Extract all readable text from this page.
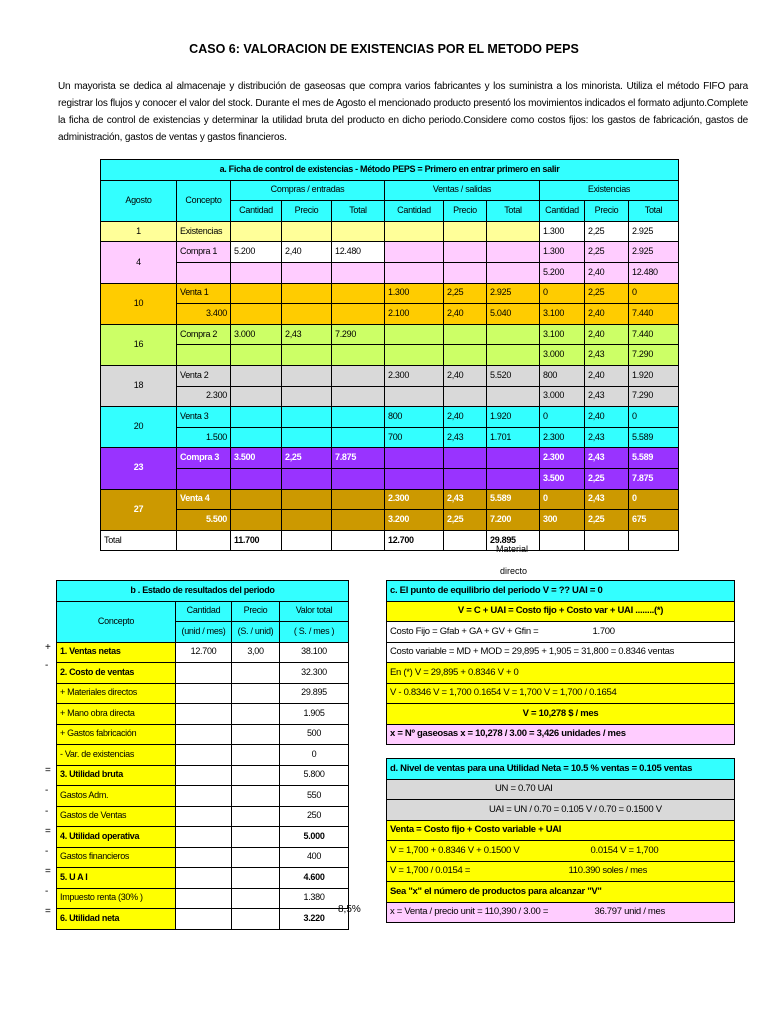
CASO 6: VALORACION DE EXISTENCIAS POR EL METODO PEPS
Un mayorista se dedica al almacenaje y distribución de gaseosas que compra varios fabricantes y los suministra a los minorista. Utiliza el método FIFO para registrar los flujos y conocer el valor del stock. Durante el mes de Agosto el mencionado producto presentó los movimientos indicados el formato adjunto.Complete la ficha de control de existencias y determinar la utilidad bruta del producto en dicho periodo.Considere como costos fijos: los gastos de fabricación, gastos de administración, gastos de ventas y gastos financieros.
a. Ficha de control de existencias - Método PEPS = Primero en entrar primero en salir										
Agosto	Concepto	Compras / entradas			Ventas / salidas			Existencias		
		Cantidad	Precio	Total	Cantidad	Precio	Total	Cantidad	Precio	Total
1	Existencias							1.300	2,25	2.925
4	Compra 1	5.200	2,40	12.480				1.300	2,25	2.925
								5.200	2,40	12.480
10	Venta 1				1.300	2,25	2.925	0	2,25	0
	3.400				2.100	2,40	5.040	3.100	2,40	7.440
16	Compra 2	3.000	2,43	7.290				3.100	2,40	7.440
								3.000	2,43	7.290
18	Venta 2				2.300	2,40	5.520	800	2,40	1.920
	2.300							3.000	2,43	7.290
20	Venta 3				800	2,40	1.920	0	2,40	0
	1.500				700	2,43	1.701	2.300	2,43	5.589
23	Compra 3	3.500	2,25	7.875				2.300	2,43	5.589
								3.500	2,25	7.875
27	Venta 4				2.300	2,43	5.589	0	2,43	0
	5.500				3.200	2,25	7.200	300	2,25	675
Total		11.700			12.700		29.895			
Material
directo
b . Estado de resultados del periodo			
Concepto	Cantidad	Precio	Valor total
	(unid / mes)	(S. / unid)	( S. / mes )
1. Ventas netas	12.700	3,00	38.100
2. Costo de ventas			32.300
+ Materiales directos			29.895
+ Mano obra directa			1.905
+ Gastos fabricación			500
- Var. de existencias			0
3. Utilidad bruta			5.800
Gastos Adm.			550
Gastos de Ventas			250
4. Utilidad operativa			5.000
Gastos financieros			400
5. U A I			4.600
Impuesto renta (30% )			1.380
6. Utilidad neta			3.220
8,5%
+
-
=
-
-
=
-
=
-
=
c. El punto de equilibrio del periodo V = ?? UAI = 0
V = C + UAI = Costo fijo + Costo var + UAI ........(*)
Costo Fijo = Gfab + GA + GV + Gfin =	1.700
Costo variable = MD + MOD = 29,895 + 1,905 = 31,800 = 0.8346 ventas
En (*) V = 29,895 + 0.8346 V + 0
V - 0.8346 V = 1,700 0.1654 V = 1,700 V = 1,700 / 0.1654
V = 10,278 $ / mes
x = Nº gaseosas x = 10,278 / 3.00 = 3,426 unidades / mes
d. Nivel de ventas para una Utilidad Neta = 10.5 % ventas = 0.105 ventas	
UN = 0.70 UAI	
UAI = UN / 0.70 = 0.105 V / 0.70 = 0.1500 V	
Venta = Costo fijo + Costo variable + UAI	
V = 1,700 + 0.8346 V + 0.1500 V	0.0154 V = 1,700
V = 1,700 / 0.0154 =	110.390 soles / mes
Sea "x" el número de productos para alcanzar "V"	
x = Venta / precio unit = 110,390 / 3.00 =	36.797 unid / mes
